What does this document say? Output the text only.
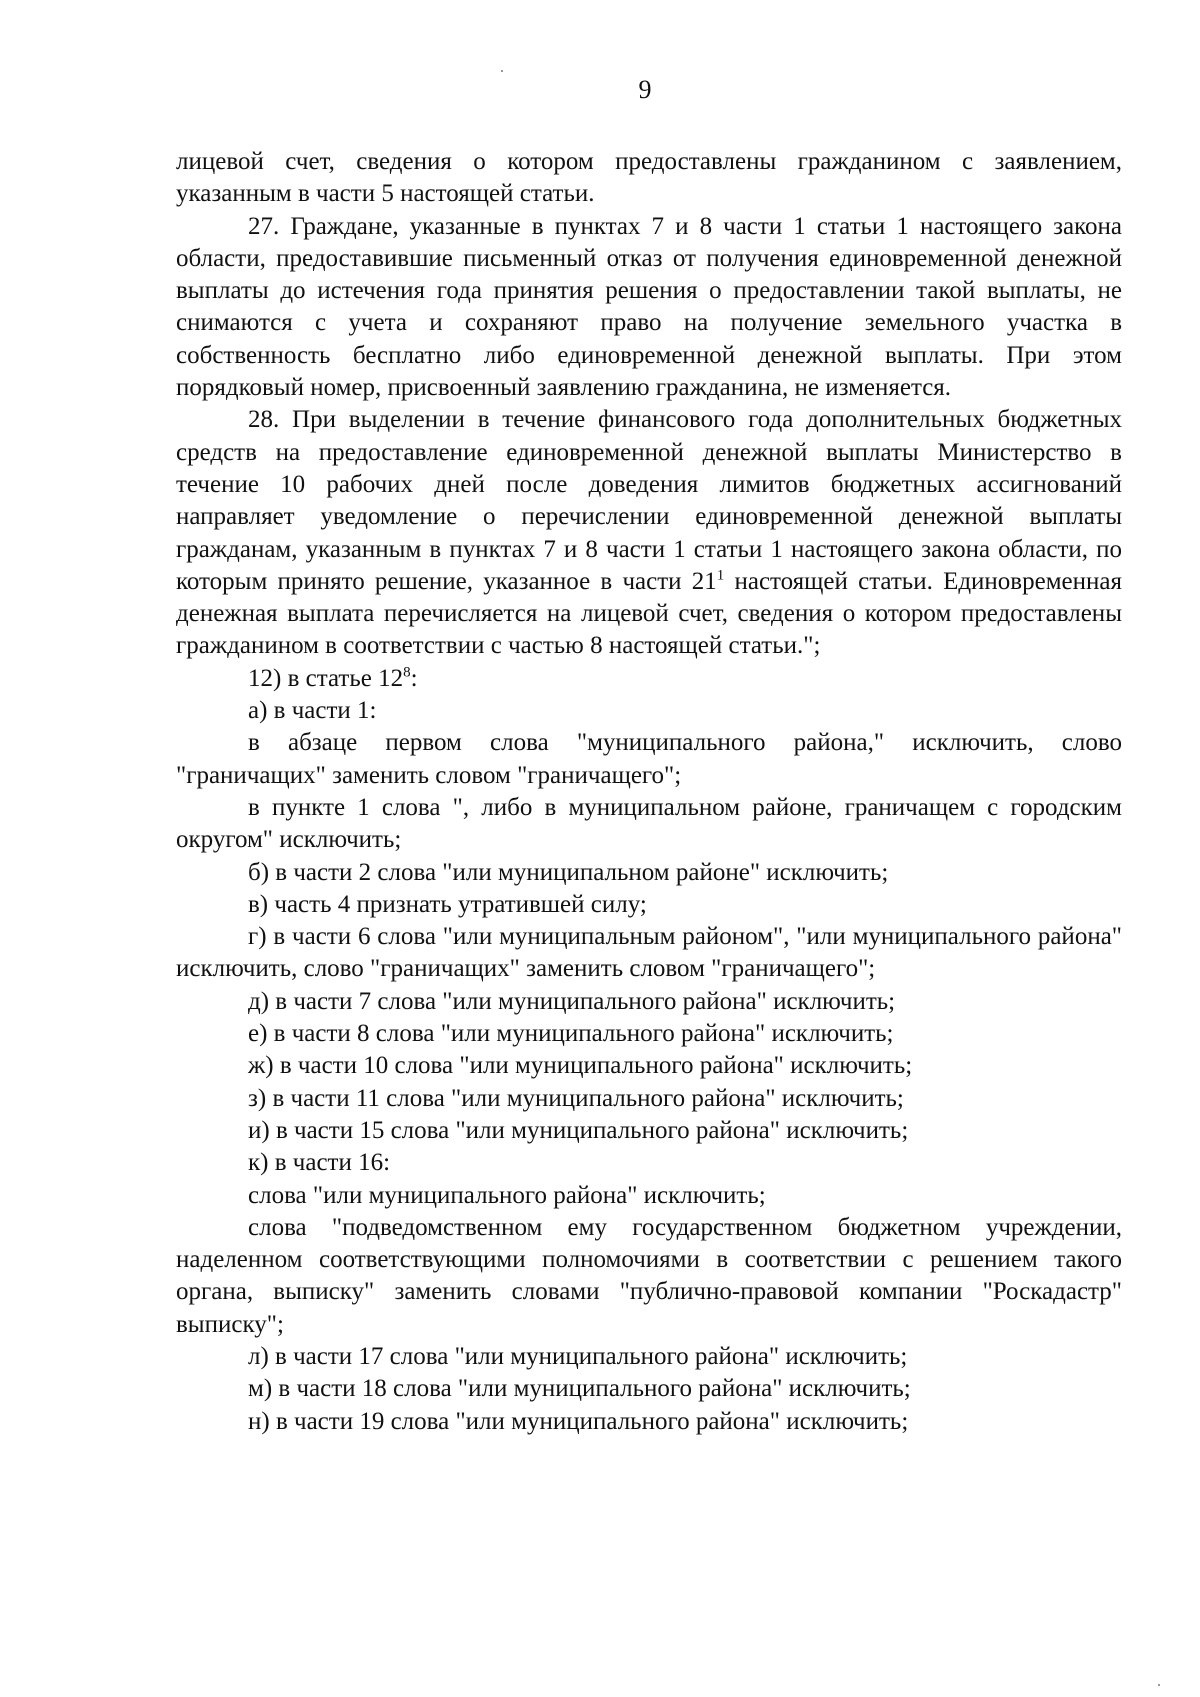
9

лицевой счет, сведения о котором предоставлены гражданином с заявлением, указанным в части 5 настоящей статьи.

27. Граждане, указанные в пунктах 7 и 8 части 1 статьи 1 настоящего закона области, предоставившие письменный отказ от получения единовременной денежной выплаты до истечения года принятия решения о предоставлении такой выплаты, не снимаются с учета и сохраняют право на получение земельного участка в собственность бесплатно либо единовременной денежной выплаты. При этом порядковый номер, присвоенный заявлению гражданина, не изменяется.

28. При выделении в течение финансового года дополнительных бюджетных средств на предоставление единовременной денежной выплаты Министерство в течение 10 рабочих дней после доведения лимитов бюджетных ассигнований направляет уведомление о перечислении единовременной денежной выплаты гражданам, указанным в пунктах 7 и 8 части 1 статьи 1 настоящего закона области, по которым принято решение, указанное в части $21^1$ настоящей статьи. Единовременная денежная выплата перечисляется на лицевой счет, сведения о котором предоставлены гражданином в соответствии с частью 8 настоящей статьи.";

12) в статье $12^8$:

а) в части 1:

в абзаце первом слова "муниципального района," исключить, слово "граничащих" заменить словом "граничащего";

в пункте 1 слова ", либо в муниципальном районе, граничащем с городским округом" исключить;

б) в части 2 слова "или муниципальном районе" исключить;

в) часть 4 признать утратившей силу;

г) в части 6 слова "или муниципальным районом", "или муниципального района" исключить, слово "граничащих" заменить словом "граничащего";

д) в части 7 слова "или муниципального района" исключить;

е) в части 8 слова "или муниципального района" исключить;

ж) в части 10 слова "или муниципального района" исключить;

з) в части 11 слова "или муниципального района" исключить;

и) в части 15 слова "или муниципального района" исключить;

к) в части 16:

слова "или муниципального района" исключить;

слова "подведомственном ему государственном бюджетном учреждении, наделенном соответствующими полномочиями в соответствии с решением такого органа, выписку" заменить словами "публично-правовой компании "Роскадастр" выписку";

л) в части 17 слова "или муниципального района" исключить;

м) в части 18 слова "или муниципального района" исключить;

н) в части 19 слова "или муниципального района" исключить;
